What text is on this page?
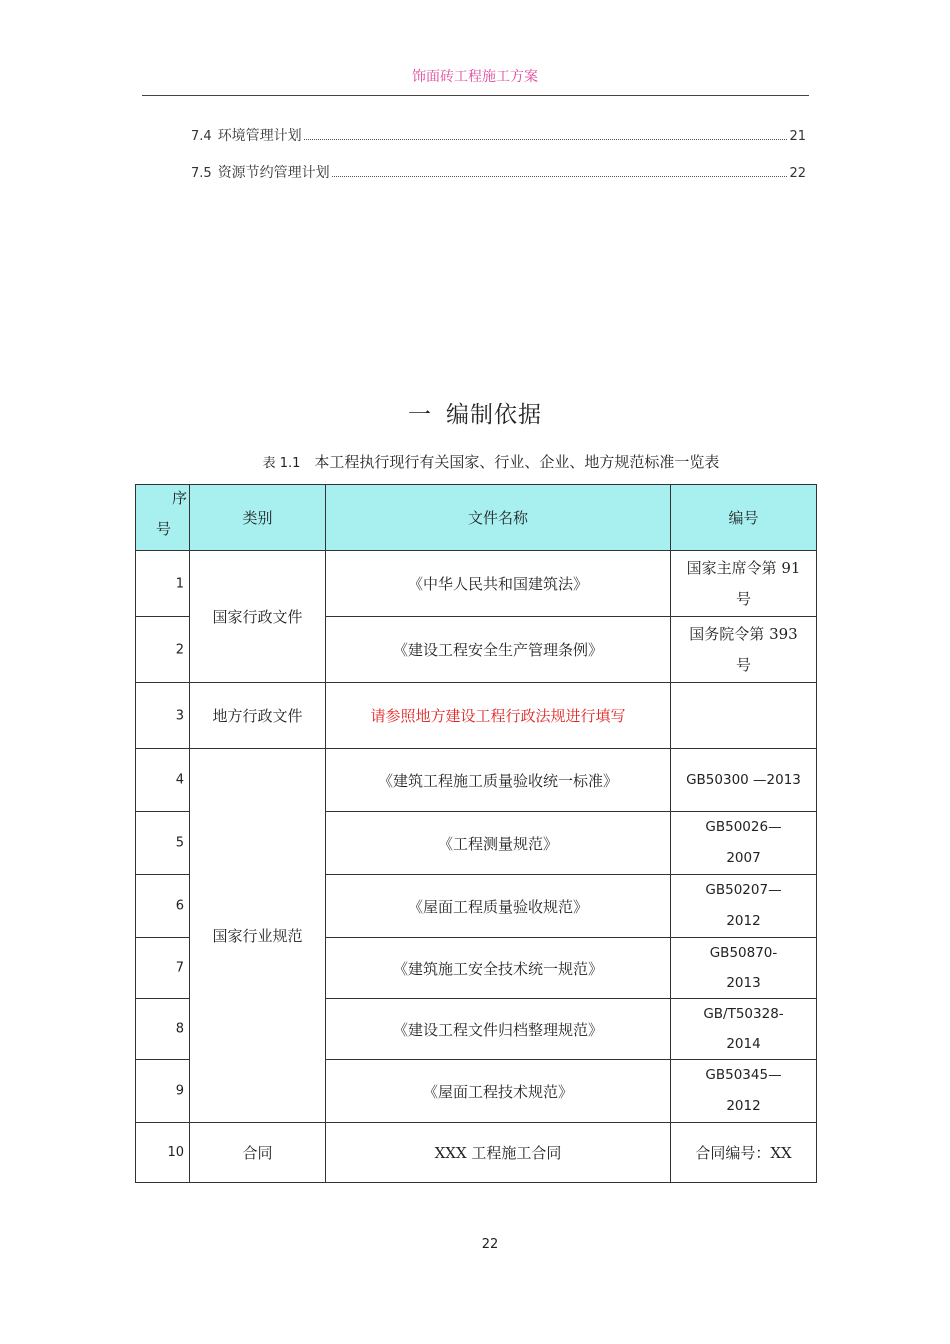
饰面砖工程施工方案
7.4 环境管理计划	21
7.5 资源节约管理计划	22
一 编制依据
表 1.1 本工程执行现行有关国家、行业、企业、地方规范标准一览表
序
号	类别	文件名称	编号

1	国家行政文件	《中华人民共和国建筑法》	国家主席令第 91 号

2		《建设工程安全生产管理条例》	国务院令第 393 号

3	地方行政文件	请参照地方建设工程行政法规进行填写	

4	国家行业规范	《建筑工程施工质量验收统一标准》	GB50300 —2013

5		《工程测量规范》	GB50026—2007

6		《屋面工程质量验收规范》	GB50207—2012

7		《建筑施工安全技术统一规范》	GB50870-2013

8		《建设工程文件归档整理规范》	GB/T50328-2014

9		《屋面工程技术规范》	GB50345—2012

10	合同	XXX 工程施工合同	合同编号：XX
22
